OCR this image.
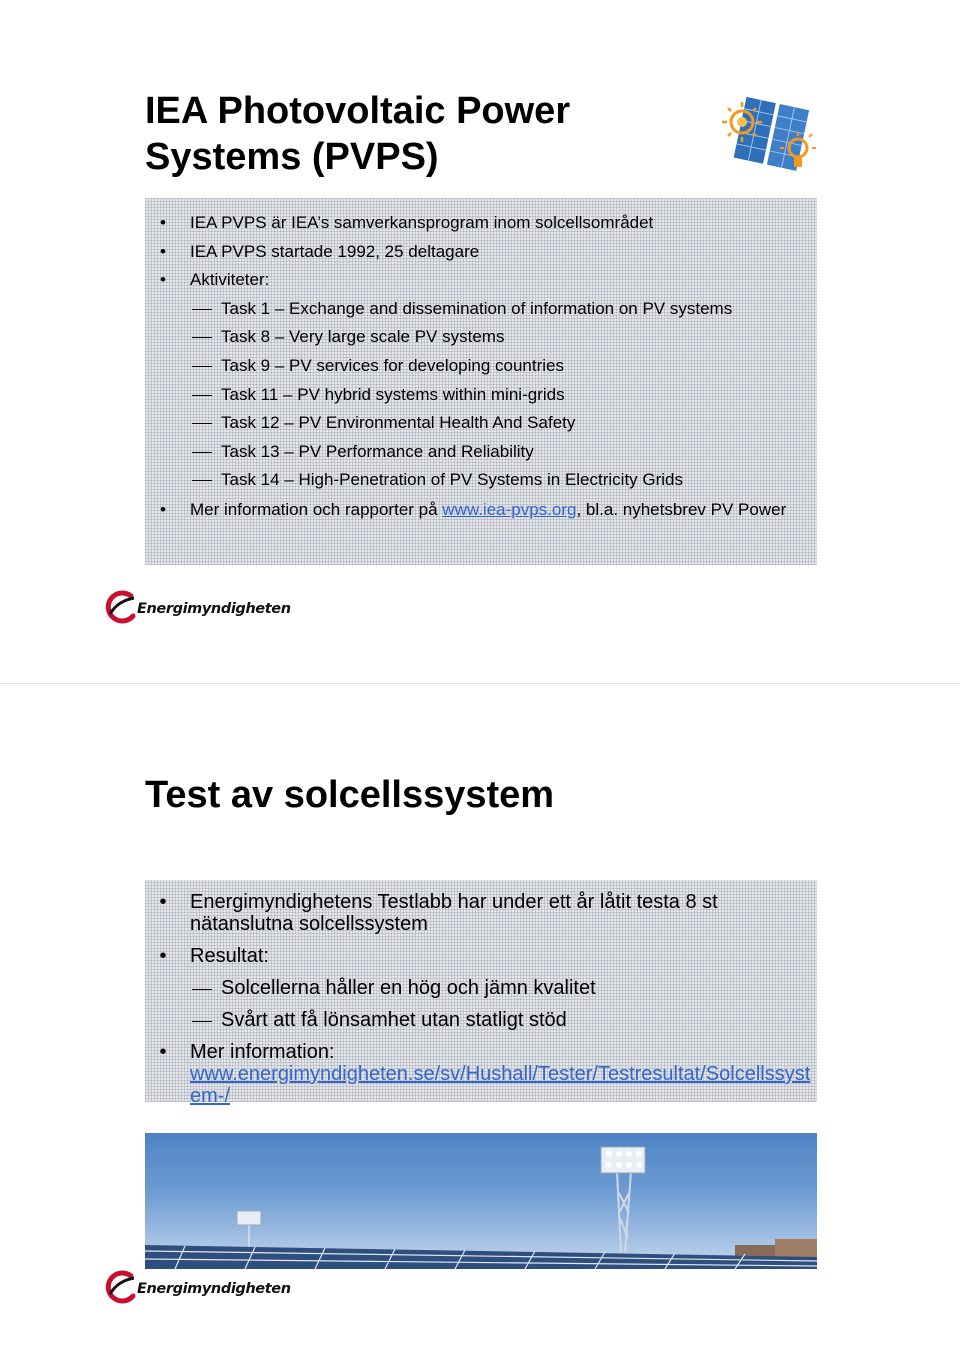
IEA Photovoltaic Power Systems (PVPS)
• IEA PVPS är IEA’s samverkansprogram inom solcellsområdet
• IEA PVPS startade 1992, 25 deltagare
• Aktiviteter:
Task 1 – Exchange and dissemination of information on PV systems
Task 8 – Very large scale PV systems
Task 9 – PV services for developing countries
Task 11 – PV hybrid systems within mini-grids
Task 12 – PV Environmental Health And Safety
Task 13 – PV Performance and Reliability
Task 14 – High-Penetration of PV Systems in Electricity Grids
• Mer information och rapporter på www.iea-pvps.org, bl.a. nyhetsbrev PV Power
Energimyndigheten
Test av solcellssystem
• Energimyndighetens Testlabb har under ett år låtit testa 8 st nätanslutna solcellssystem
• Resultat:
Solcellerna håller en hög och jämn kvalitet
Svårt att få lönsamhet utan statligt stöd
• Mer information:
www.energimyndigheten.se/sv/Hushall/Tester/Testresultat/Solcellssystem-/
Energimyndigheten
